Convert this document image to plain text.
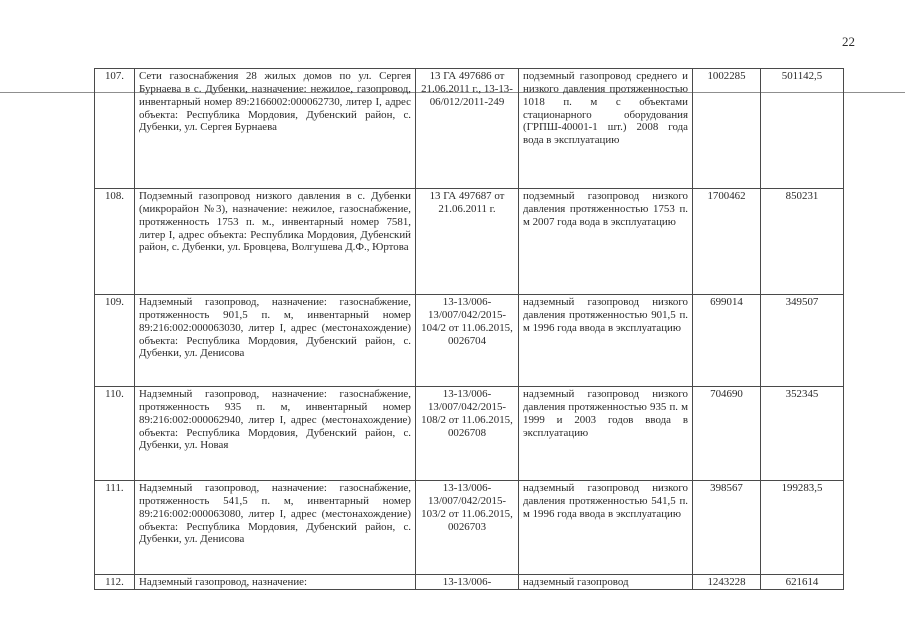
22
107.	Сети газоснабжения 28 жилых домов по ул. Сергея Бурнаева в с. Дубенки, назначение: нежилое, газопровод, инвентарный номер 89:2166002:000062730, литер I, адрес объекта: Республика Мордовия, Дубенский район, с. Дубенки, ул. Сергея Бурнаева	13 ГА 497686 от 21.06.2011 г., 13-13-06/012/2011-249	подземный газопровод среднего и низкого давления протяженностью 1018 п. м с объектами стационарного оборудования (ГРПШ-40001-1 шт.) 2008 года вода в эксплуатацию	1002285	501142,5
108.	Подземный газопровод низкого давления в с. Дубенки (микрорайон №3), назначение: нежилое, газоснабжение, протяженность 1753 п. м., инвентарный номер 7581, литер I, адрес объекта: Республика Мордовия, Дубенский район, с. Дубенки, ул. Бровцева, Волгушева Д.Ф., Юртова	13 ГА 497687 от 21.06.2011 г.	подземный газопровод низкого давления протяженностью 1753 п. м 2007 года вода в эксплуатацию	1700462	850231
109.	Надземный газопровод, назначение: газоснабжение, протяженность 901,5 п. м, инвентарный номер 89:216:002:000063030, литер I, адрес (местонахождение) объекта: Республика Мордовия, Дубенский район, с. Дубенки, ул. Денисова	13-13/006-13/007/042/2015-104/2 от 11.06.2015, 0026704	надземный газопровод низкого давления протяженностью 901,5 п. м 1996 года ввода в эксплуатацию	699014	349507
110.	Надземный газопровод, назначение: газоснабжение, протяженность 935 п. м, инвентарный номер 89:216:002:000062940, литер I, адрес (местонахождение) объекта: Республика Мордовия, Дубенский район, с. Дубенки, ул. Новая	13-13/006-13/007/042/2015-108/2 от 11.06.2015, 0026708	надземный газопровод низкого давления протяженностью 935 п. м 1999 и 2003 годов ввода в эксплуатацию	704690	352345
111.	Надземный газопровод, назначение: газоснабжение, протяженность 541,5 п. м, инвентарный номер 89:216:002:000063080, литер I, адрес (местонахождение) объекта: Республика Мордовия, Дубенский район, с. Дубенки, ул. Денисова	13-13/006-13/007/042/2015-103/2 от 11.06.2015, 0026703	надземный газопровод низкого давления протяженностью 541,5 п. м 1996 года ввода в эксплуатацию	398567	199283,5
112.	Надземный газопровод, назначение:	13-13/006-	надземный газопровод	1243228	621614
